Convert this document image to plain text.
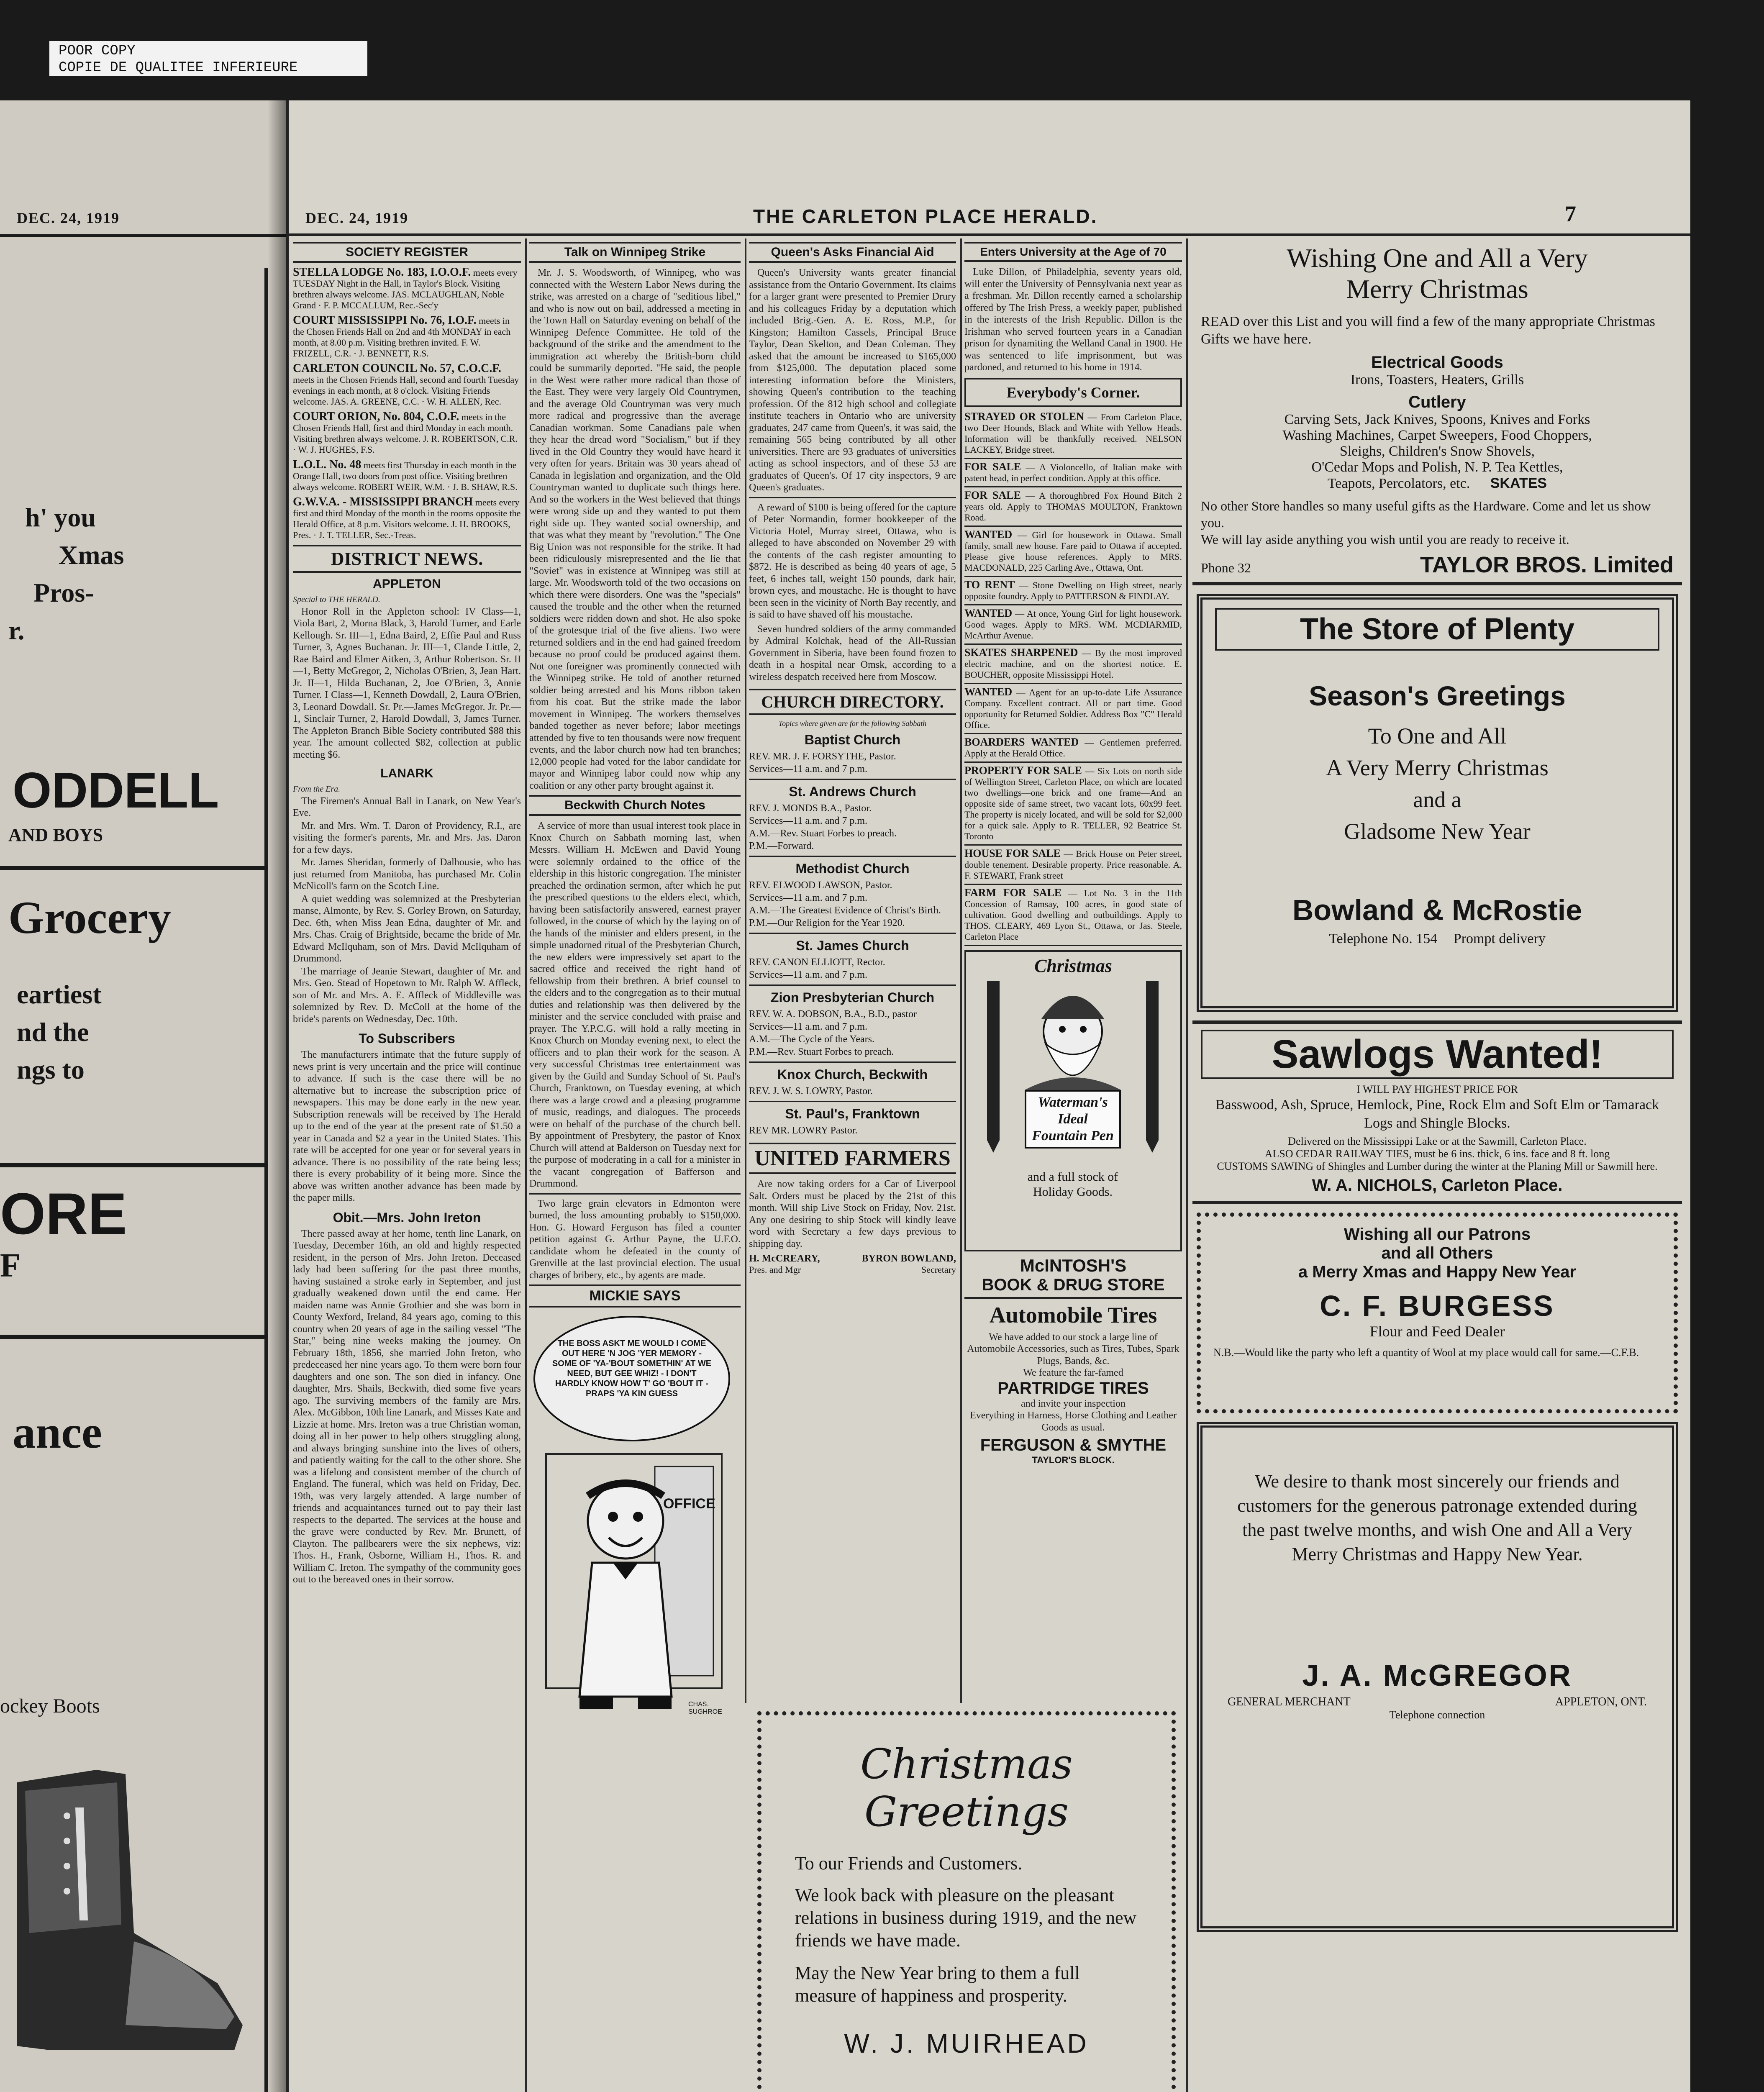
POOR COPY
COPIE DE QUALITEE INFERIEURE
DEC. 24, 1919
h' you
Xmas
Pros-
r.
ODDELL
AND BOYS
Grocery
eartiest
nd the
ngs to
ORE
F
ance
ockey Boots
DEC. 24, 1919	THE CARLETON PLACE HERALD.	7
SOCIETY REGISTER
STELLA LODGE No. 183, I.O.O.F. meets every TUESDAY Night in the Hall, in Taylor's Block. Visiting brethren always welcome. JAS. MCLAUGHLAN, Noble Grand · F. P. MCCALLUM, Rec.-Sec'y
COURT MISSISSIPPI No. 76, I.O.F. meets in the Chosen Friends Hall on 2nd and 4th MONDAY in each month, at 8.00 p.m. Visiting brethren invited. F. W. FRIZELL, C.R. · J. BENNETT, R.S.
CARLETON COUNCIL No. 57, C.O.C.F. meets in the Chosen Friends Hall, second and fourth Tuesday evenings in each month, at 8 o'clock. Visiting Friends welcome. JAS. A. GREENE, C.C. · W. H. ALLEN, Rec.
COURT ORION, No. 804, C.O.F. meets in the Chosen Friends Hall, first and third Monday in each month. Visiting brethren always welcome. J. R. ROBERTSON, C.R. · W. J. HUGHES, F.S.
L.O.L. No. 48 meets first Thursday in each month in the Orange Hall, two doors from post office. Visiting brethren always welcome. ROBERT WEIR, W.M. · J. B. SHAW, R.S.
G.W.V.A. - MISSISSIPPI BRANCH meets every first and third Monday of the month in the rooms opposite the Herald Office, at 8 p.m. Visitors welcome. J. H. BROOKS, Pres. · J. T. TELLER, Sec.-Treas.
DISTRICT NEWS.
APPLETON
Special to THE HERALD.

Honor Roll in the Appleton school: IV Class—1, Viola Bart, 2, Morna Black, 3, Harold Turner, and Earle Kellough. Sr. III—1, Edna Baird, 2, Effie Paul and Russ Turner, 3, Agnes Buchanan. Jr. III—1, Clande Little, 2, Rae Baird and Elmer Aitken, 3, Arthur Robertson. Sr. II—1, Betty McGregor, 2, Nicholas O'Brien, 3, Jean Hart. Jr. II—1, Hilda Buchanan, 2, Joe O'Brien, 3, Annie Turner. I Class—1, Kenneth Dowdall, 2, Laura O'Brien, 3, Leonard Dowdall. Sr. Pr.—James McGregor. Jr. Pr.—1, Sinclair Turner, 2, Harold Dowdall, 3, James Turner. The Appleton Branch Bible Society contributed $88 this year. The amount collected $82, collection at public meeting $6.

LANARK
From the Era.

The Firemen's Annual Ball in Lanark, on New Year's Eve.

Mr. and Mrs. Wm. T. Daron of Providency, R.I., are visiting the former's parents, Mr. and Mrs. Jas. Daron for a few days.

Mr. James Sheridan, formerly of Dalhousie, who has just returned from Manitoba, has purchased Mr. Colin McNicoll's farm on the Scotch Line.

A quiet wedding was solemnized at the Presbyterian manse, Almonte, by Rev. S. Gorley Brown, on Saturday, Dec. 6th, when Miss Jean Edna, daughter of Mr. and Mrs. Chas. Craig of Brightside, became the bride of Mr. Edward McIlquham, son of Mrs. David McIlquham of Drummond.

The marriage of Jeanie Stewart, daughter of Mr. and Mrs. Geo. Stead of Hopetown to Mr. Ralph W. Affleck, son of Mr. and Mrs. A. E. Affleck of Middleville was solemnized by Rev. D. McColl at the home of the bride's parents on Wednesday, Dec. 10th.

To Subscribers

The manufacturers intimate that the future supply of news print is very uncertain and the price will continue to advance. If such is the case there will be no alternative but to increase the subscription price of newspapers. This may be done early in the new year. Subscription renewals will be received by The Herald up to the end of the year at the present rate of $1.50 a year in Canada and $2 a year in the United States. This rate will be accepted for one year or for several years in advance. There is no possibility of the rate being less; there is every probability of it being more. Since the above was written another advance has been made by the paper mills.

Obit.—Mrs. John Ireton

There passed away at her home, tenth line Lanark, on Tuesday, December 16th, an old and highly respected resident, in the person of Mrs. John Ireton. Deceased lady had been suffering for the past three months, having sustained a stroke early in September, and just gradually weakened down until the end came. Her maiden name was Annie Grothier and she was born in County Wexford, Ireland, 84 years ago, coming to this country when 20 years of age in the sailing vessel "The Star," being nine weeks making the journey. On February 18th, 1856, she married John Ireton, who predeceased her nine years ago. To them were born four daughters and one son. The son died in infancy. One daughter, Mrs. Shails, Beckwith, died some five years ago. The surviving members of the family are Mrs. Alex. McGibbon, 10th line Lanark, and Misses Kate and Lizzie at home. Mrs. Ireton was a true Christian woman, doing all in her power to help others struggling along, and always bringing sunshine into the lives of others, and patiently waiting for the call to the other shore. She was a lifelong and consistent member of the church of England. The funeral, which was held on Friday, Dec. 19th, was very largely attended. A large number of friends and acquaintances turned out to pay their last respects to the departed. The services at the house and the grave were conducted by Rev. Mr. Brunett, of Clayton. The pallbearers were the six nephews, viz: Thos. H., Frank, Osborne, William H., Thos. R. and William C. Ireton. The sympathy of the community goes out to the bereaved ones in their sorrow.

Talk on Winnipeg Strike

Mr. J. S. Woodsworth, of Winnipeg, who was connected with the Western Labor News during the strike, was arrested on a charge of "seditious libel," and who is now out on bail, addressed a meeting in the Town Hall on Saturday evening on behalf of the Winnipeg Defence Committee. He told of the background of the strike and the amendment to the immigration act whereby the British-born child could be summarily deported. "He said, the people in the West were rather more radical than those of the East. They were very largely Old Countrymen, and the average Old Countryman was very much more radical and progressive than the average Canadian workman. Some Canadians pale when they hear the dread word "Socialism," but if they lived in the Old Country they would have heard it very often for years. Britain was 30 years ahead of Canada in legislation and organization, and the Old Countryman wanted to duplicate such things here. And so the workers in the West believed that things were wrong side up and they wanted to put them right side up. They wanted social ownership, and that was what they meant by "revolution." The One Big Union was not responsible for the strike. It had been ridiculously misrepresented and the lie that "Soviet" was in existence at Winnipeg was still at large. Mr. Woodsworth told of the two occasions on which there were disorders. One was the "specials" caused the trouble and the other when the returned soldiers were ridden down and shot. He also spoke of the grotesque trial of the five aliens. Two were returned soldiers and in the end had gained freedom because no proof could be produced against them. Not one foreigner was prominently connected with the Winnipeg strike. He told of another returned soldier being arrested and his Mons ribbon taken from his coat. But the strike made the labor movement in Winnipeg. The workers themselves banded together as never before; labor meetings attended by five to ten thousands were now frequent events, and the labor church now had ten branches; 12,000 people had voted for the labor candidate for mayor and Winnipeg labor could now whip any coalition or any other party brought against it.

Beckwith Church Notes

A service of more than usual interest took place in Knox Church on Sabbath morning last, when Messrs. William H. McEwen and David Young were solemnly ordained to the office of the eldership in this historic congregation. The minister preached the ordination sermon, after which he put the prescribed questions to the elders elect, which, having been satisfactorily answered, earnest prayer followed, in the course of which by the laying on of the hands of the minister and elders present, in the simple unadorned ritual of the Presbyterian Church, the new elders were impressively set apart to the sacred office and received the right hand of fellowship from their brethren. A brief counsel to the elders and to the congregation as to their mutual duties and relationship was then delivered by the minister and the service concluded with praise and prayer. The Y.P.C.G. will hold a rally meeting in Knox Church on Monday evening next, to elect the officers and to plan their work for the season. A very successful Christmas tree entertainment was given by the Guild and Sunday School of St. Paul's Church, Franktown, on Tuesday evening, at which there was a large crowd and a pleasing programme of music, readings, and dialogues. The proceeds were on behalf of the purchase of the church bell. By appointment of Presbytery, the pastor of Knox Church will attend at Balderson on Tuesday next for the purpose of moderating in a call for a minister in the vacant congregation of Bafferson and Drummond.

Two large grain elevators in Edmonton were burned, the loss amounting probably to $150,000. Hon. G. Howard Ferguson has filed a counter petition against G. Arthur Payne, the U.F.O. candidate whom he defeated in the county of Grenville at the last provincial election. The usual charges of bribery, etc., by agents are made.

MICKIE SAYS
THE BOSS ASKT ME WOULD I COME OUT HERE 'N JOG 'YER MEMORY - SOME OF 'YA-'BOUT SOMETHIN' AT WE NEED, BUT GEE WHIZ! - I DON'T HARDLY KNOW HOW T' GO 'BOUT IT - PRAPS 'YA KIN GUESS
OFFICE
CHAS. SUGHROE
Queen's Asks Financial Aid

Queen's University wants greater financial assistance from the Ontario Government. Its claims for a larger grant were presented to Premier Drury and his colleagues Friday by a deputation which included Brig.-Gen. A. E. Ross, M.P., for Kingston; Hamilton Cassels, Principal Bruce Taylor, Dean Skelton, and Dean Coleman. They asked that the amount be increased to $165,000 from $125,000. The deputation placed some interesting information before the Ministers, showing Queen's contribution to the teaching profession. Of the 812 high school and collegiate institute teachers in Ontario who are university graduates, 247 came from Queen's, it was said, the remaining 565 being contributed by all other universities. There are 93 graduates of universities acting as school inspectors, and of these 53 are graduates of Queen's. Of 17 city inspectors, 9 are Queen's graduates.

A reward of $100 is being offered for the capture of Peter Normandin, former bookkeeper of the Victoria Hotel, Murray street, Ottawa, who is alleged to have absconded on November 29 with the contents of the cash register amounting to $872. He is described as being 40 years of age, 5 feet, 6 inches tall, weight 150 pounds, dark hair, brown eyes, and moustache. He is thought to have been seen in the vicinity of North Bay recently, and is said to have shaved off his moustache.

Seven hundred soldiers of the army commanded by Admiral Kolchak, head of the All-Russian Government in Siberia, have been found frozen to death in a hospital near Omsk, according to a wireless despatch received here from Moscow.

CHURCH DIRECTORY.
Topics where given are for the following Sabbath
Baptist Church
REV. MR. J. F. FORSYTHE, Pastor.
Services—11 a.m. and 7 p.m.
St. Andrews Church
REV. J. MONDS B.A., Pastor.
Services—11 a.m. and 7 p.m.
A.M.—Rev. Stuart Forbes to preach.
P.M.—Forward.
Methodist Church
REV. ELWOOD LAWSON, Pastor.
Services—11 a.m. and 7 p.m.
A.M.—The Greatest Evidence of Christ's Birth.
P.M.—Our Religion for the Year 1920.
St. James Church
REV. CANON ELLIOTT, Rector.
Services—11 a.m. and 7 p.m.
Zion Presbyterian Church
REV. W. A. DOBSON, B.A., B.D., pastor
Services—11 a.m. and 7 p.m.
A.M.—The Cycle of the Years.
P.M.—Rev. Stuart Forbes to preach.
Knox Church, Beckwith
REV. J. W. S. LOWRY, Pastor.
St. Paul's, Franktown
REV MR. LOWRY Pastor.
UNITED FARMERS

Are now taking orders for a Car of Liverpool Salt. Orders must be placed by the 21st of this month. Will ship Live Stock on Friday, Nov. 21st. Any one desiring to ship Stock will kindly leave word with Secretary a few days previous to shipping day.

H. McCREARY,	BYRON BOWLAND,
Pres. and Mgr	Secretary
Enters University at the Age of 70

Luke Dillon, of Philadelphia, seventy years old, will enter the University of Pennsylvania next year as a freshman. Mr. Dillon recently earned a scholarship offered by The Irish Press, a weekly paper, published in the interests of the Irish Republic. Dillon is the Irishman who served fourteen years in a Canadian prison for dynamiting the Welland Canal in 1900. He was sentenced to life imprisonment, but was pardoned, and returned to his home in 1914.

Everybody's Corner.
STRAYED OR STOLEN — From Carleton Place, two Deer Hounds, Black and White with Yellow Heads. Information will be thankfully received. NELSON LACKEY, Bridge street.
FOR SALE — A Violoncello, of Italian make with patent head, in perfect condition. Apply at this office.
FOR SALE — A thoroughbred Fox Hound Bitch 2 years old. Apply to THOMAS MOULTON, Franktown Road.
WANTED — Girl for housework in Ottawa. Small family, small new house. Fare paid to Ottawa if accepted. Please give house references. Apply to MRS. MACDONALD, 225 Carling Ave., Ottawa, Ont.
TO RENT — Stone Dwelling on High street, nearly opposite foundry. Apply to PATTERSON & FINDLAY.
WANTED — At once, Young Girl for light housework. Good wages. Apply to MRS. WM. MCDIARMID, McArthur Avenue.
SKATES SHARPENED — By the most improved electric machine, and on the shortest notice. E. BOUCHER, opposite Mississippi Hotel.
WANTED — Agent for an up-to-date Life Assurance Company. Excellent contract. All or part time. Good opportunity for Returned Soldier. Address Box "C" Herald Office.
BOARDERS WANTED — Gentlemen preferred. Apply at the Herald Office.
PROPERTY FOR SALE — Six Lots on north side of Wellington Street, Carleton Place, on which are located two dwellings—one brick and one frame—And an opposite side of same street, two vacant lots, 60x99 feet. The property is nicely located, and will be sold for $2,000 for a quick sale. Apply to R. TELLER, 92 Beatrice St. Toronto
HOUSE FOR SALE — Brick House on Peter street, double tenement. Desirable property. Price reasonable. A. F. STEWART, Frank street
FARM FOR SALE — Lot No. 3 in the 11th Concession of Ramsay, 100 acres, in good state of cultivation. Good dwelling and outbuildings. Apply to THOS. CLEARY, 469 Lyon St., Ottawa, or Jas. Steele, Carleton Place
Christmas
Waterman's Ideal Fountain Pen
and a full stock of Holiday Goods.
McINTOSH'S
BOOK & DRUG STORE
Automobile Tires
We have added to our stock a large line of Automobile Accessories, such as Tires, Tubes, Spark Plugs, Bands, &c.
We feature the far-famed
PARTRIDGE TIRES
and invite your inspection
Everything in Harness, Horse Clothing and Leather Goods as usual.
FERGUSON & SMYTHE
TAYLOR'S BLOCK.
Christmas Greetings
To our Friends and Customers.
We look back with pleasure on the pleasant relations in business during 1919, and the new friends we have made.
May the New Year bring to them a full measure of happiness and prosperity.
W. J. MUIRHEAD
Wishing One and All a Very
Merry Christmas
READ over this List and you will find a few of the many appropriate Christmas Gifts we have here.
Electrical Goods
Irons, Toasters, Heaters, Grills
Cutlery
Carving Sets, Jack Knives, Spoons, Knives and Forks
Washing Machines, Carpet Sweepers, Food Choppers,
Sleighs, Children's Snow Shovels,
O'Cedar Mops and Polish, N. P. Tea Kettles,
Teapots, Percolators, etc. SKATES
No other Store handles so many useful gifts as the Hardware. Come and let us show you.
We will lay aside anything you wish until you are ready to receive it.
Phone 32	TAYLOR BROS. Limited
The Store of Plenty
Season's Greetings
To One and All
A Very Merry Christmas
and a
Gladsome New Year
Bowland & McRostie
Telephone No. 154 Prompt delivery
Sawlogs Wanted!
I WILL PAY HIGHEST PRICE FOR
Basswood, Ash, Spruce, Hemlock, Pine, Rock Elm and Soft Elm or Tamarack Logs and Shingle Blocks.
Delivered on the Mississippi Lake or at the Sawmill, Carleton Place.
ALSO CEDAR RAILWAY TIES, must be 6 ins. thick, 6 ins. face and 8 ft. long
CUSTOMS SAWING of Shingles and Lumber during the winter at the Planing Mill or Sawmill here.
W. A. NICHOLS, Carleton Place.
Wishing all our Patrons
and all Others
a Merry Xmas and Happy New Year
C. F. BURGESS
Flour and Feed Dealer
N.B.—Would like the party who left a quantity of Wool at my place would call for same.—C.F.B.
We desire to thank most sincerely our friends and customers for the generous patronage extended during the past twelve months, and wish One and All a Very Merry Christmas and Happy New Year.
J. A. McGREGOR
GENERAL MERCHANT	APPLETON, ONT.
Telephone connection
